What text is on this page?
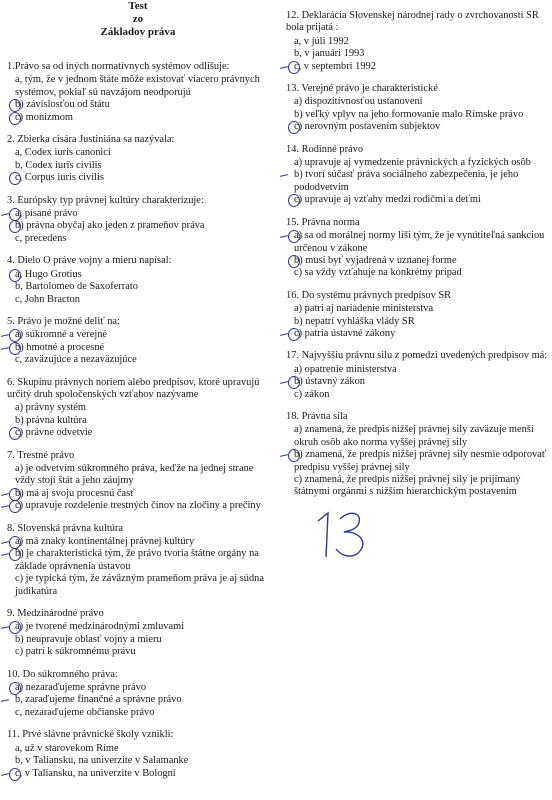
Test
zo
Základov práva
1.Právo sa od iných normatívnych systémov odlišuje:
a, tým, že v jednom štáte môže existovať viacero právnych systémov, pokiaľ sú navzájom neodporujú
b) závislosťou od štátu
c) monizmom
2. Zbierka cisára Justiniána sa nazývala:
a, Codex iuris canonici
b, Codex iuris civilis
c, Corpus iuris civilis
3. Európsky typ právnej kultúry charakterizuje:
a, písané právo
b) právna obyčaj ako jeden z prameňov práva
c, precedens
4. Dielo O práve vojny a mieru napísal:
a, Hugo Grotius
b, Bartolomeo de Saxoferrato
c, John Bracton
5. Právo je možné deliť na:
a) súkromné a verejné
b) hmotné a procesné
c, zaväzujúce a nezaväzujúce
6. Skupinu právnych noriem alebo predpisov, ktoré upravujú určitý druh spoločenských vzťahov nazývame
a) právny systém
b) právna kultúra
c) právne odvetvie
7. Trestné právo
a) je odvetvím súkromného práva, keďže na jednej strane vždy stojí štát a jeho záujmy
b) má aj svoju procesnú časť
c) upravuje rozdelenie trestných činov na zločiny a prečiny
8. Slovenská právna kultúra
a) má znaky kontinentálnej právnej kultúry
b) je charakteristická tým, že právo tvoria štátne orgány na základe oprávnenia ústavou
c) je typická tým, že záväzným prameňom práva je aj súdna judikatúra
9. Medzinárodné právo
a) je tvorené medzinárodnými zmluvami
b) neupravuje oblasť vojny a mieru
c) patrí k súkromnému právu
10. Do súkromného práva:
a) nezaraďujeme správne právo
b, zaraďujeme finančné a správne právo
c, nezaraďujeme občianske právo
11. Prvé slávne právnické školy vznikli:
a, už v starovekom Ríme
b, v Taliansku, na univerzite v Salamanke
c, v Taliansku, na univerzite v Bologni
12. Deklarácia Slovenskej národnej rady o zvrchovanosti SR bola prijatá :
a, v júli 1992
b, v januári 1993
c, v septembri 1992
13. Verejné právo je charakteristické
a) dispozitívnosťou ustanovení
b) veľký vplyv na jeho formovanie malo Rímske právo
c) nerovným postavením subjektov
14. Rodinné právo
a) upravuje aj vymedzenie právnických a fyzických osôb
b) tvorí súčasť práva sociálneho zabezpečenia, je jeho pododvetvím
c) upravuje aj vzťahy medzi rodičmi a deťmi
15. Právna norma
a) sa od morálnej normy líši tým, že je vynútiteľná sankciou určenou v zákone
b) musí byť vyjadrená v uznanej forme
c) sa vždy vzťahuje na konkrétny prípad
16. Do systému právnych predpisov SR
a) patrí aj nariadenie ministerstva
b) nepatrí vyhláška vlády SR
c) patria ústavné zákony
17. Najvyššiu právnu silu z pomedzi uvedených predpisov má:
a) opatrenie ministerstva
b) ústavný zákon
c) zákon
18. Právna sila
a) znamená, že predpis nižšej právnej sily zaväzuje menší okruh osôb ako norma vyššej právnej sily
b) znamená, že predpis nižšej právnej sily nesmie odporovať predpisu vyššej právnej sily
c) znamená, že predpis nižšej právnej sily je prijímaný štátnymi orgánmi s nižším hierarchickým postavením
